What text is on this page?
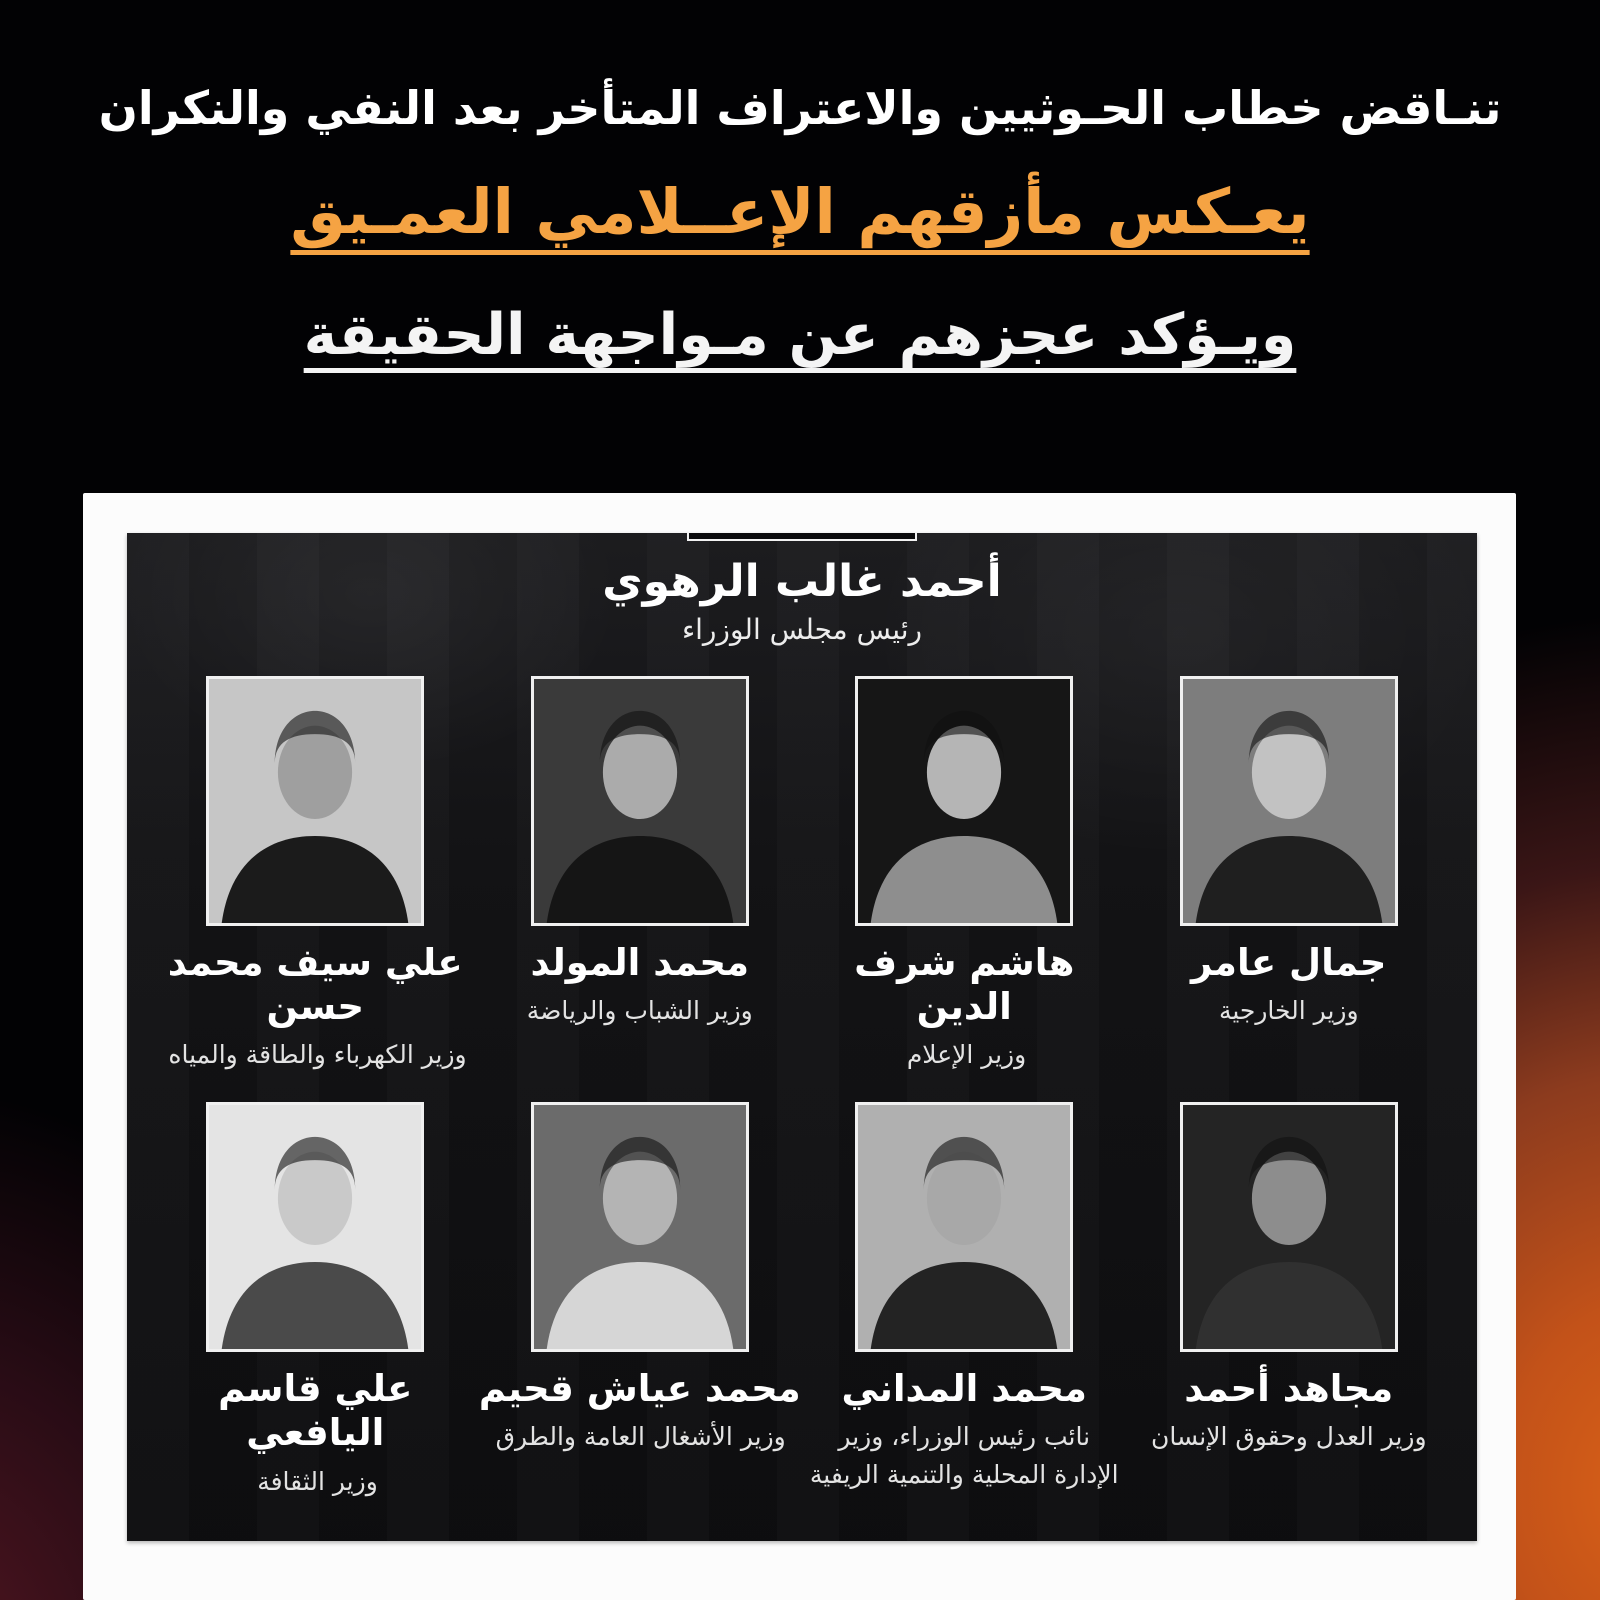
تنـاقض خطاب الحـوثيين والاعتراف المتأخر بعد النفي والنكران
يعـكس مأزقهم الإعــلامي العمـيق
ويـؤكد عجزهم عن مـواجهة الحقيقة
أحمد غالب الرهوي
رئيس مجلس الوزراء
جمال عامر
وزير الخارجية
هاشم شرف الدين
وزير الإعلام
محمد المولد
وزير الشباب والرياضة
علي سيف محمد حسن
وزير الكهرباء والطاقة والمياه
مجاهد أحمد
وزير العدل وحقوق الإنسان
محمد المداني
نائب رئيس الوزراء، وزير الإدارة المحلية والتنمية الريفية
محمد عياش قحيم
وزير الأشغال العامة والطرق
علي قاسم اليافعي
وزير الثقافة
